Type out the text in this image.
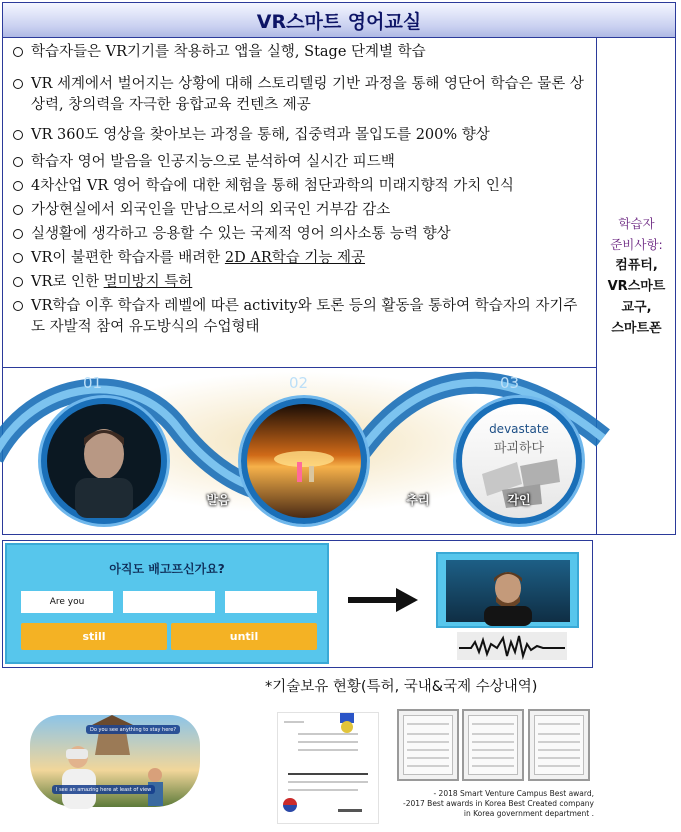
VR스마트 영어교실

학습자들은 VR기기를 착용하고 앱을 실행, Stage 단계별 학습

VR 세계에서 벌어지는 상황에 대해 스토리텔링 기반 과정을 통해 영단어 학습은 물론 상상력, 창의력을 자극한 융합교육 컨텐츠 제공

VR 360도 영상을 찾아보는 과정을 통해, 집중력과 몰입도를 200% 향상

학습자 영어 발음을 인공지능으로 분석하여 실시간 피드백

4차산업 VR 영어 학습에 대한 체험을 통해 첨단과학의 미래지향적 가치 인식

가상현실에서 외국인을 만남으로서의 외국인 거부감 감소

실생활에 생각하고 응용할 수 있는 국제적 영어 의사소통 능력 향상

VR이 불편한 학습자를 배려한 2D AR학습 기능 제공

VR로 인한 멀미방지 특허

VR학습 이후 학습자 레벨에 따른 activity와 토론 등의 활동을 통하여 학습자의 자기주도 자발적 참여 유도방식의 수업형태

학습자
준비사항:
컴퓨터,
VR스마트
교구,
스마트폰
01	02	03
발음	추리
devastate
파괴하다
각인
아직도 배고프신가요?
Are you
still	until
*기술보유 현황(특허, 국내&국제 수상내역)
Do you see anything to stay here?
I see an amazing here at least of view	- 2018 Smart Venture Campus Best award,
-2017 Best awards in Korea Best Created company
in Korea government department .
